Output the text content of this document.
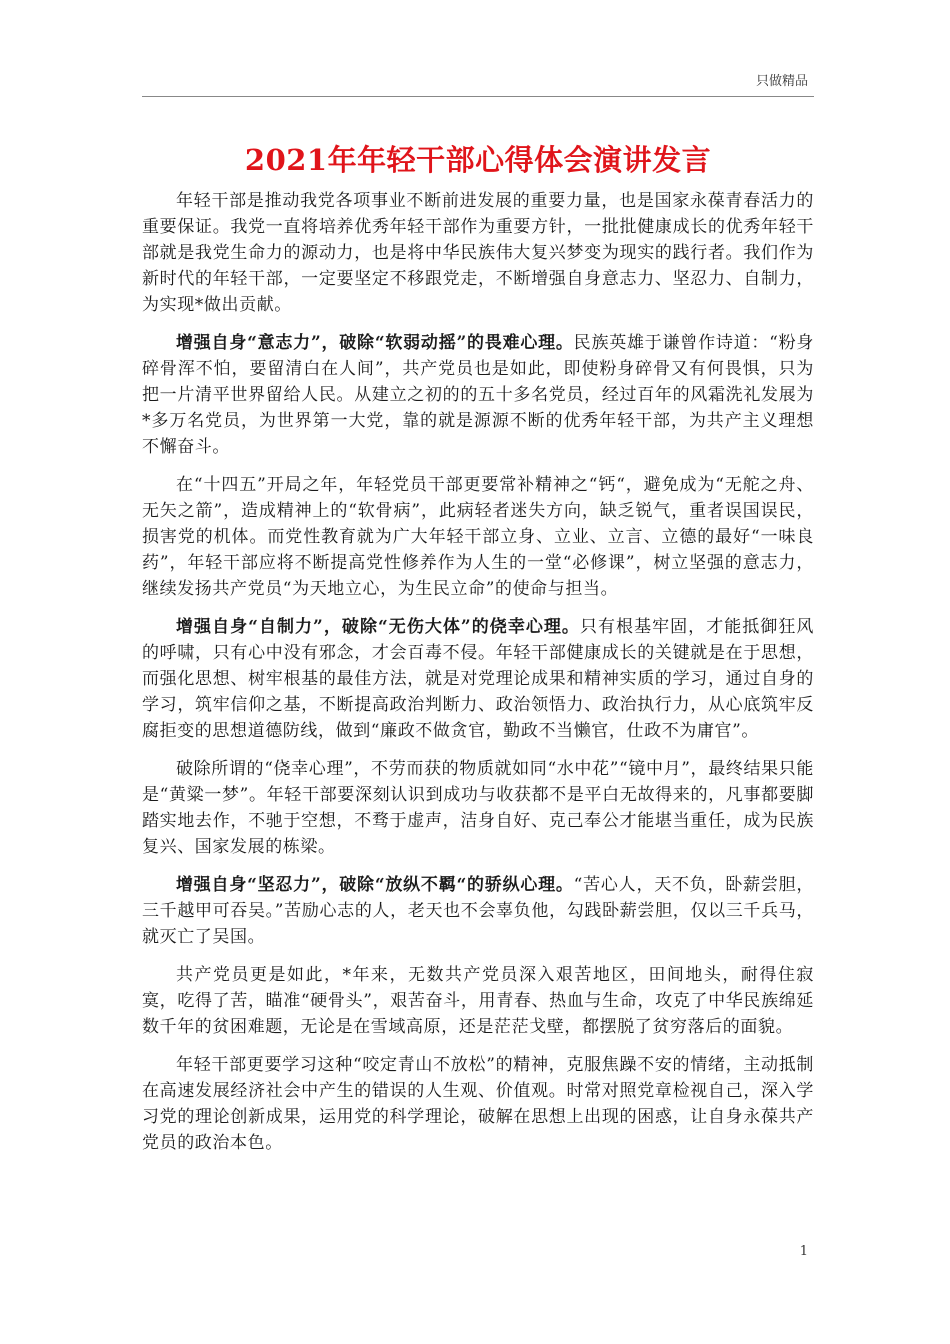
只做精品
2021年年轻干部心得体会演讲发言

年轻干部是推动我党各项事业不断前进发展的重要力量，也是国家永葆青春活力的重要保证。我党一直将培养优秀年轻干部作为重要方针，一批批健康成长的优秀年轻干部就是我党生命力的源动力，也是将中华民族伟大复兴梦变为现实的践行者。我们作为新时代的年轻干部，一定要坚定不移跟党走，不断增强自身意志力、坚忍力、自制力，为实现*做出贡献。

增强自身“意志力”，破除“软弱动摇”的畏难心理。民族英雄于谦曾作诗道：“粉身碎骨浑不怕，要留清白在人间”，共产党员也是如此，即使粉身碎骨又有何畏惧，只为把一片清平世界留给人民。从建立之初的的五十多名党员，经过百年的风霜洗礼发展为*多万名党员，为世界第一大党，靠的就是源源不断的优秀年轻干部，为共产主义理想不懈奋斗。

在“十四五”开局之年，年轻党员干部更要常补精神之“钙“，避免成为“无舵之舟、无矢之箭”，造成精神上的“软骨病”，此病轻者迷失方向，缺乏锐气，重者误国误民，损害党的机体。而党性教育就为广大年轻干部立身、立业、立言、立德的最好“一味良药”，年轻干部应将不断提高党性修养作为人生的一堂“必修课”，树立坚强的意志力，继续发扬共产党员“为天地立心，为生民立命”的使命与担当。

增强自身“自制力”，破除“无伤大体”的侥幸心理。只有根基牢固，才能抵御狂风的呼啸，只有心中没有邪念，才会百毒不侵。年轻干部健康成长的关键就是在于思想，而强化思想、树牢根基的最佳方法，就是对党理论成果和精神实质的学习，通过自身的学习，筑牢信仰之基，不断提高政治判断力、政治领悟力、政治执行力，从心底筑牢反腐拒变的思想道德防线，做到“廉政不做贪官，勤政不当懒官，仕政不为庸官”。

破除所谓的“侥幸心理”，不劳而获的物质就如同“水中花”“镜中月”，最终结果只能是“黄粱一梦”。年轻干部要深刻认识到成功与收获都不是平白无故得来的，凡事都要脚踏实地去作，不驰于空想，不骛于虚声，洁身自好、克己奉公才能堪当重任，成为民族复兴、国家发展的栋梁。

增强自身“坚忍力”，破除“放纵不羁“的骄纵心理。“苦心人，天不负，卧薪尝胆，三千越甲可吞吴。”苦励心志的人，老天也不会辜负他，勾践卧薪尝胆，仅以三千兵马，就灭亡了吴国。

共产党员更是如此，*年来，无数共产党员深入艰苦地区，田间地头，耐得住寂寞，吃得了苦，瞄准“硬骨头”，艰苦奋斗，用青春、热血与生命，攻克了中华民族绵延数千年的贫困难题，无论是在雪域高原，还是茫茫戈壁，都摆脱了贫穷落后的面貌。

年轻干部更要学习这种“咬定青山不放松”的精神，克服焦躁不安的情绪，主动抵制在高速发展经济社会中产生的错误的人生观、价值观。时常对照党章检视自己，深入学习党的理论创新成果，运用党的科学理论，破解在思想上出现的困惑，让自身永葆共产党员的政治本色。

1
